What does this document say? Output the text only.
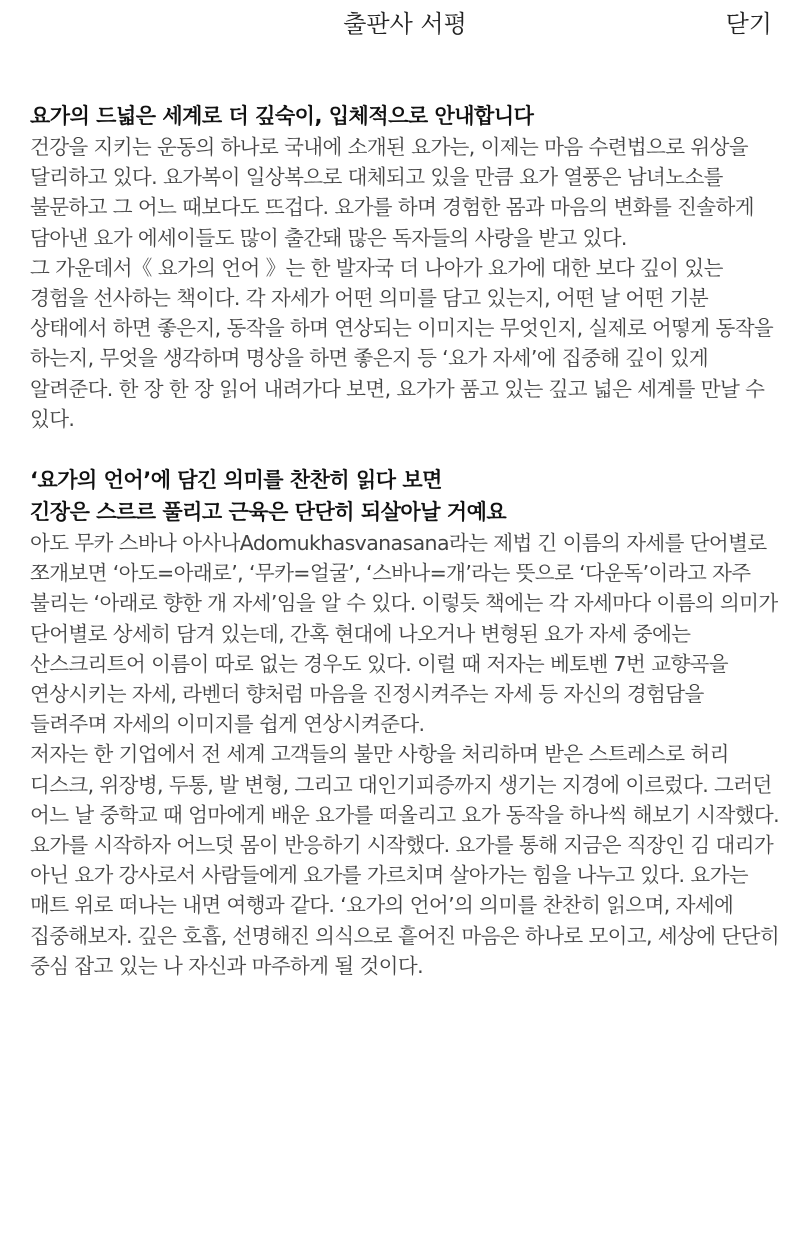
출판사 서평	닫기
요가의 드넓은 세계로 더 깊숙이, 입체적으로 안내합니다

건강을 지키는 운동의 하나로 국내에 소개된 요가는, 이제는 마음 수련법으로 위상을 달리하고 있다. 요가복이 일상복으로 대체되고 있을 만큼 요가 열풍은 남녀노소를 불문하고 그 어느 때보다도 뜨겁다. 요가를 하며 경험한 몸과 마음의 변화를 진솔하게 담아낸 요가 에세이들도 많이 출간돼 많은 독자들의 사랑을 받고 있다.

그 가운데서《 요가의 언어 》는 한 발자국 더 나아가 요가에 대한 보다 깊이 있는 경험을 선사하는 책이다. 각 자세가 어떤 의미를 담고 있는지, 어떤 날 어떤 기분 상태에서 하면 좋은지, 동작을 하며 연상되는 이미지는 무엇인지, 실제로 어떻게 동작을 하는지, 무엇을 생각하며 명상을 하면 좋은지 등 ‘요가 자세’에 집중해 깊이 있게 알려준다. 한 장 한 장 읽어 내려가다 보면, 요가가 품고 있는 깊고 넓은 세계를 만날 수 있다.

‘요가의 언어’에 담긴 의미를 찬찬히 읽다 보면
긴장은 스르르 풀리고 근육은 단단히 되살아날 거예요

아도 무카 스바나 아사나Adomukhasvanasana라는 제법 긴 이름의 자세를 단어별로 쪼개보면 ‘아도=아래로’, ‘무카=얼굴’, ‘스바나=개’라는 뜻으로 ‘다운독’이라고 자주 불리는 ‘아래로 향한 개 자세’임을 알 수 있다. 이렇듯 책에는 각 자세마다 이름의 의미가 단어별로 상세히 담겨 있는데, 간혹 현대에 나오거나 변형된 요가 자세 중에는 산스크리트어 이름이 따로 없는 경우도 있다. 이럴 때 저자는 베토벤 7번 교향곡을 연상시키는 자세, 라벤더 향처럼 마음을 진정시켜주는 자세 등 자신의 경험담을 들려주며 자세의 이미지를 쉽게 연상시켜준다.

저자는 한 기업에서 전 세계 고객들의 불만 사항을 처리하며 받은 스트레스로 허리 디스크, 위장병, 두통, 발 변형, 그리고 대인기피증까지 생기는 지경에 이르렀다. 그러던 어느 날 중학교 때 엄마에게 배운 요가를 떠올리고 요가 동작을 하나씩 해보기 시작했다. 요가를 시작하자 어느덧 몸이 반응하기 시작했다. 요가를 통해 지금은 직장인 김 대리가 아닌 요가 강사로서 사람들에게 요가를 가르치며 살아가는 힘을 나누고 있다. 요가는 매트 위로 떠나는 내면 여행과 같다. ‘요가의 언어’의 의미를 찬찬히 읽으며, 자세에 집중해보자. 깊은 호흡, 선명해진 의식으로 흩어진 마음은 하나로 모이고, 세상에 단단히 중심 잡고 있는 나 자신과 마주하게 될 것이다.
